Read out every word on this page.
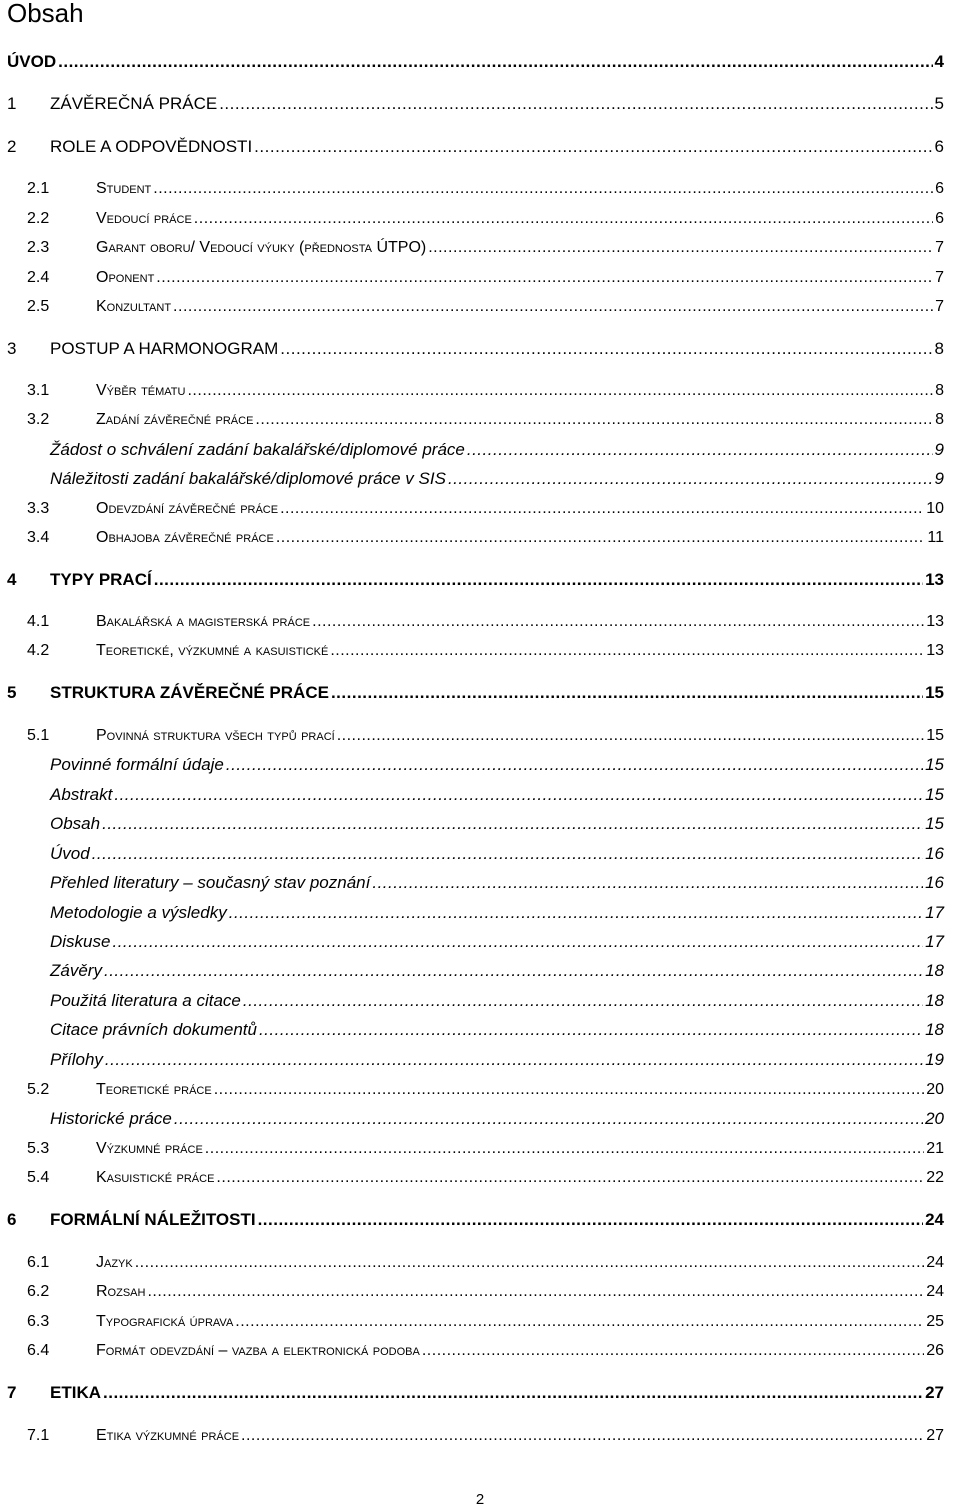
Obsah
ÚVOD .....	4
1 ZÁVĚREČNÁ PRÁCE .....	5
2 ROLE A ODPOVĚDNOSTI .....	6
2.1	Student .....	6
2.2	Vedoucí práce .....	6
2.3	Garant oboru/ Vedoucí výuky (přednosta ÚTPO) .....	7
2.4	Oponent .....	7
2.5	Konzultant .....	7
3 POSTUP A HARMONOGRAM .....	8
3.1	Výběr tématu .....	8
3.2	Zadání závěrečné práce .....	8
Žádost o schválení zadání bakalářské/diplomové práce .....	9
Náležitosti zadání bakalářské/diplomové práce v SIS .....	9
3.3	Odevzdání závěrečné práce .....	10
3.4	Obhajoba závěrečné práce .....	11
4 TYPY PRACÍ .....	13
4.1	Bakalářská a magisterská práce .....	13
4.2	Teoretické, výzkumné a kasuistické .....	13
5 STRUKTURA ZÁVĚREČNÉ PRÁCE .....	15
5.1	Povinná struktura všech typů prací .....	15
Povinné formální údaje .....	15
Abstrakt .....	15
Obsah .....	15
Úvod .....	16
Přehled literatury – současný stav poznání .....	16
Metodologie a výsledky .....	17
Diskuse .....	17
Závěry .....	18
Použitá literatura a citace .....	18
Citace právních dokumentů .....	18
Přílohy .....	19
5.2	Teoretické práce .....	20
Historické práce .....	20
5.3	Výzkumné práce .....	21
5.4	Kasuistické práce .....	22
6 FORMÁLNÍ NÁLEŽITOSTI .....	24
6.1	Jazyk .....	24
6.2	Rozsah .....	24
6.3	Typografická úprava .....	25
6.4	Formát odevzdání – vazba a elektronická podoba .....	26
7 ETIKA .....	27
7.1	Etika výzkumné práce .....	27
2
